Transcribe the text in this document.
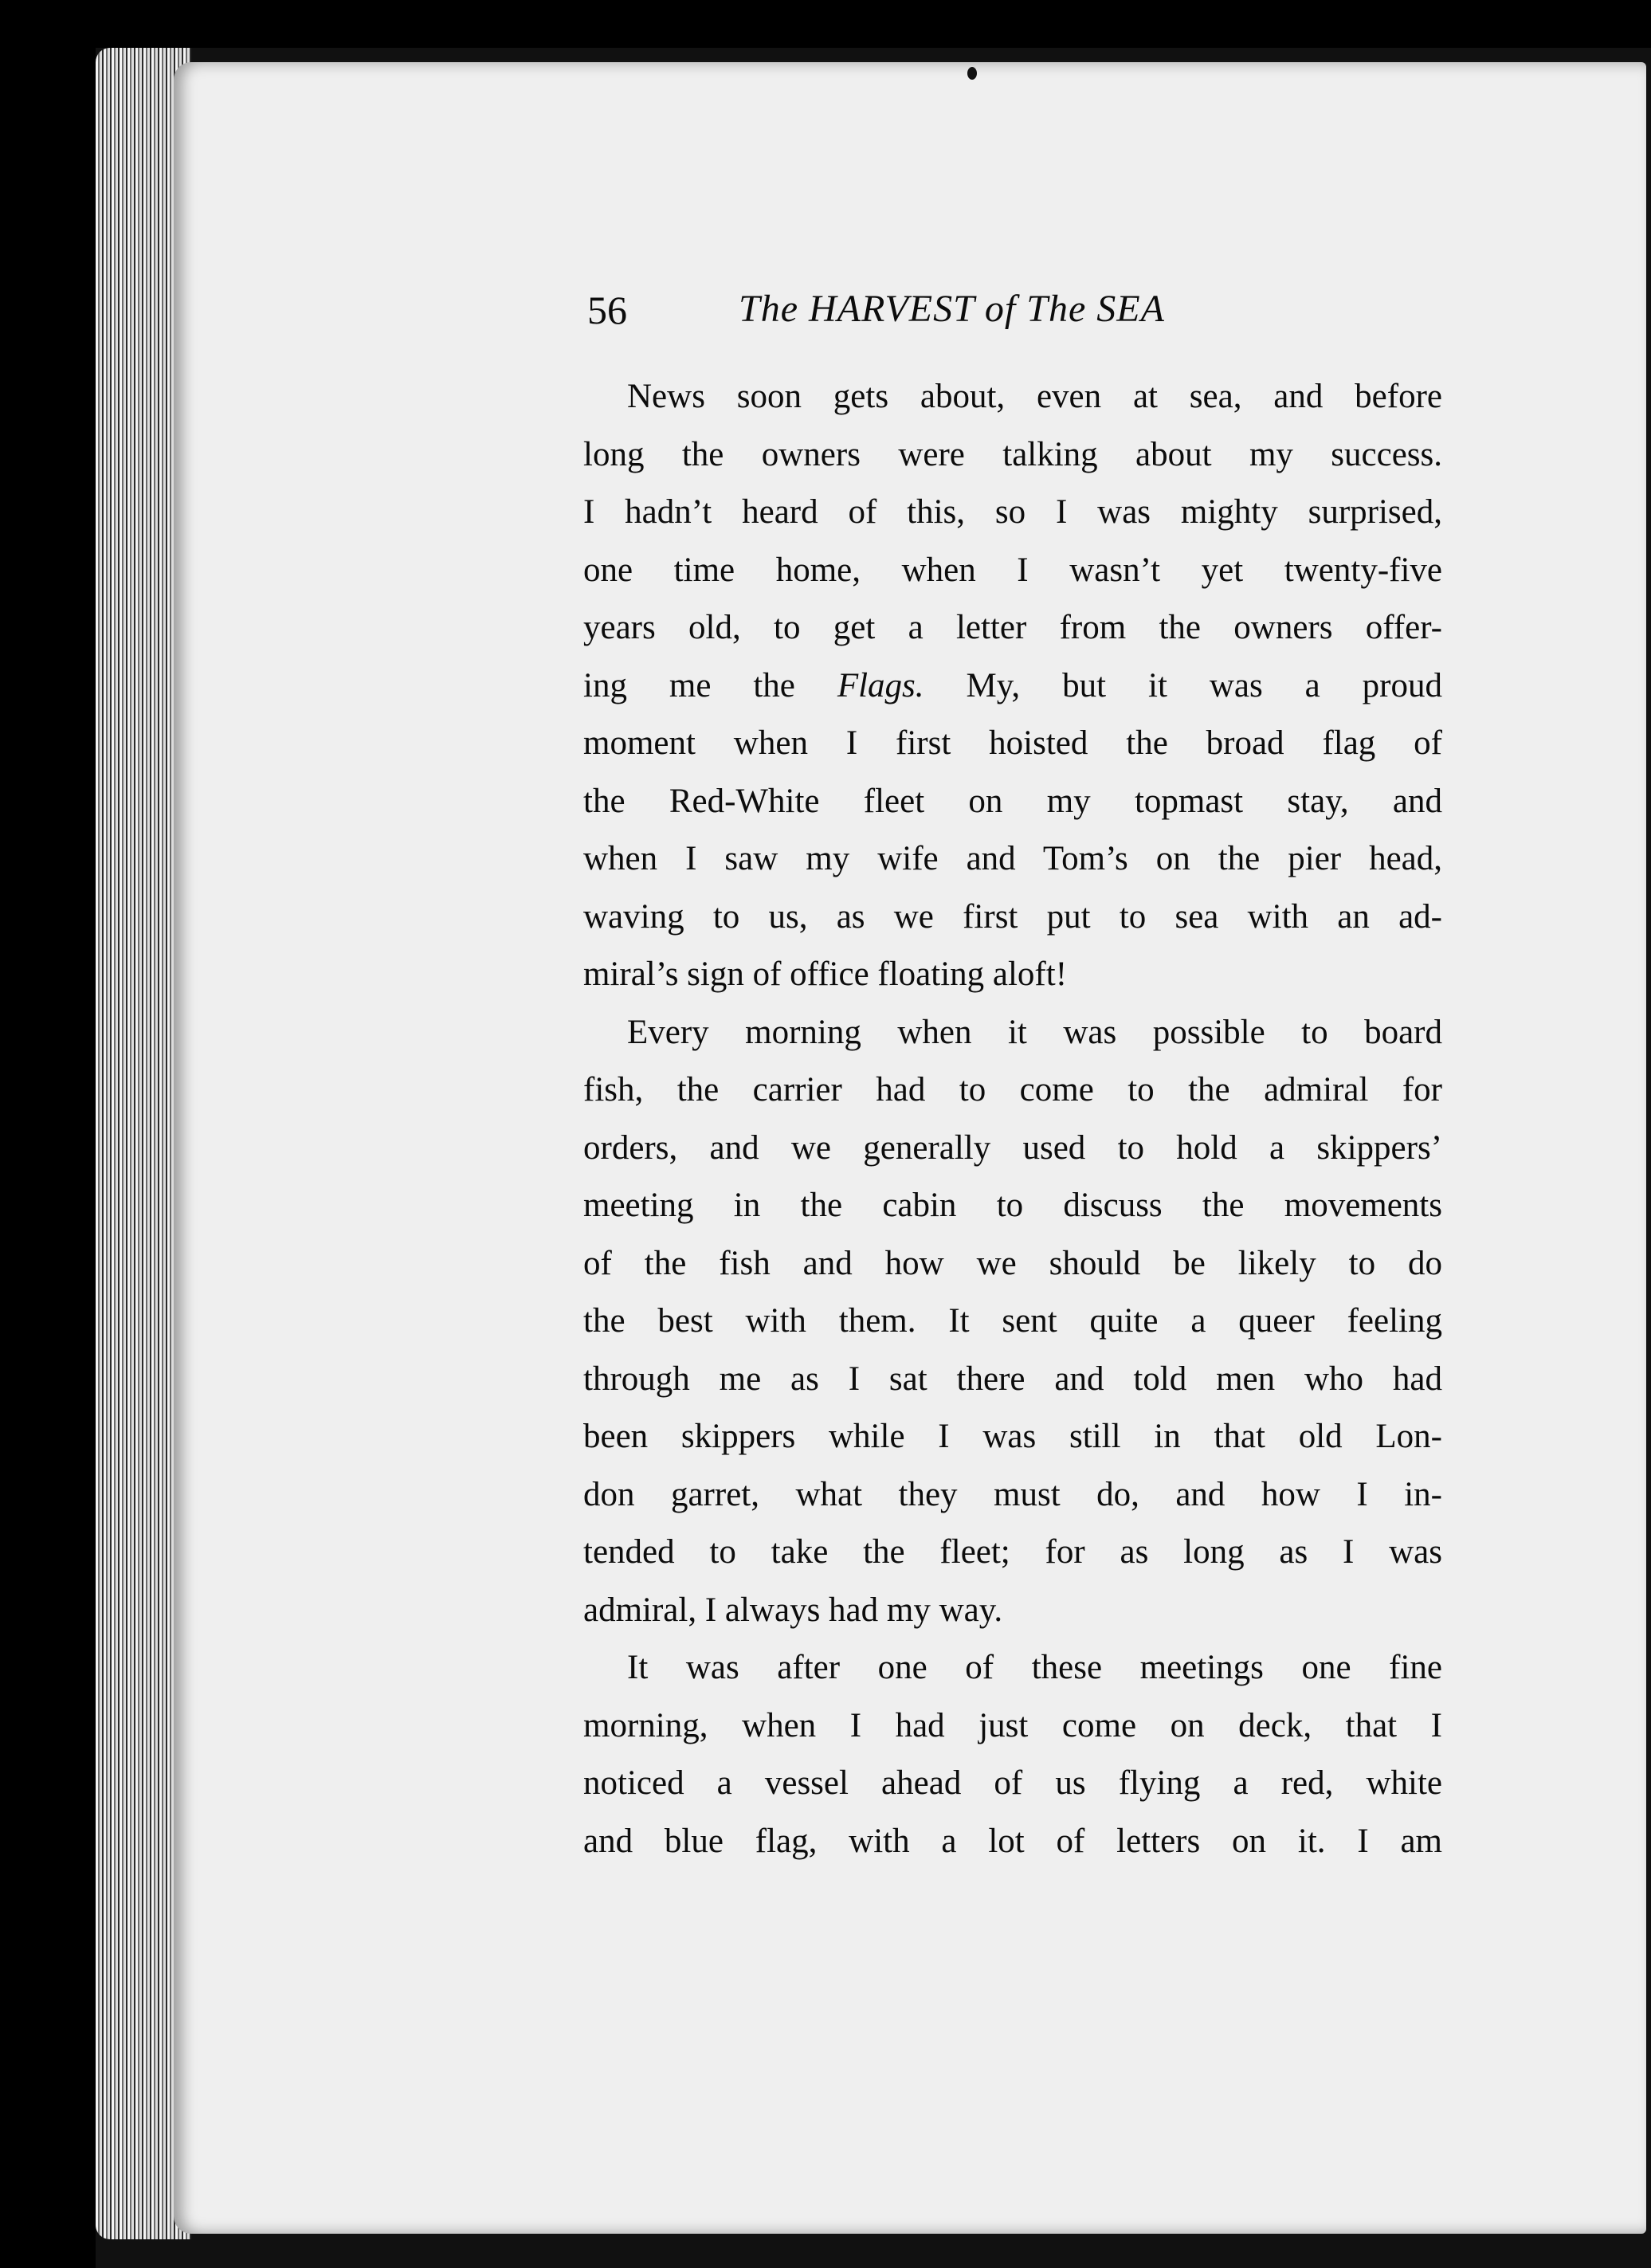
56	The HARVEST of The SEA
News soon gets about, even at sea, and before
long the owners were talking about my success.
I hadn’t heard of this, so I was mighty surprised,
one time home, when I wasn’t yet twenty-five
years old, to get a letter from the owners offer-
ing me the Flags. My, but it was a proud
moment when I first hoisted the broad flag of
the Red-White fleet on my topmast stay, and
when I saw my wife and Tom’s on the pier head,
waving to us, as we first put to sea with an ad-
miral’s sign of office floating aloft!
Every morning when it was possible to board
fish, the carrier had to come to the admiral for
orders, and we generally used to hold a skippers’
meeting in the cabin to discuss the movements
of the fish and how we should be likely to do
the best with them. It sent quite a queer feeling
through me as I sat there and told men who had
been skippers while I was still in that old Lon-
don garret, what they must do, and how I in-
tended to take the fleet; for as long as I was
admiral, I always had my way.
It was after one of these meetings one fine
morning, when I had just come on deck, that I
noticed a vessel ahead of us flying a red, white
and blue flag, with a lot of letters on it. I am
